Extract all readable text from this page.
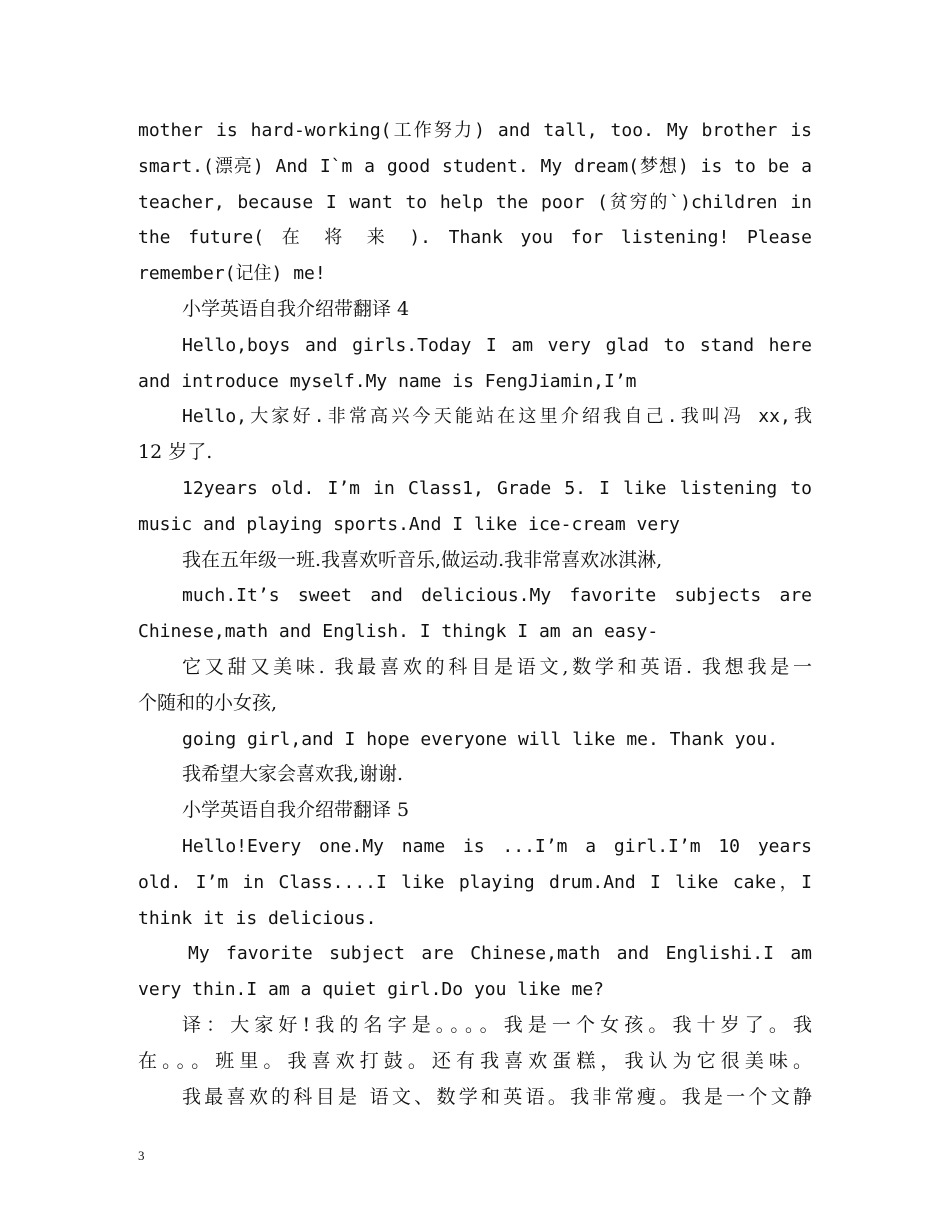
mother is hard-working(工作努力) and tall, too. My brother is
smart.(漂亮) And I`m a good student. My dream(梦想) is to be a
teacher, because I want to help the poor (贫穷的`)children in
the future( 在 将 来 ). Thank you for listening! Please
remember(记住) me!
小学英语自我介绍带翻译 4
Hello,boys and girls.Today I am very glad to stand here
and introduce myself.My name is FengJiamin,I’m
Hello,大家好.非常高兴今天能站在这里介绍我自己.我叫冯 xx,我
12 岁了.
12years old. I’m in Class1, Grade 5. I like listening to
music and playing sports.And I like ice-cream very
我在五年级一班.我喜欢听音乐,做运动.我非常喜欢冰淇淋,
much.It’s sweet and delicious.My favorite subjects are
Chinese,math and English. I thingk I am an easy-
它又甜又美味. 我最喜欢的科目是语文,数学和英语. 我想我是一
个随和的小女孩,
going girl,and I hope everyone will like me. Thank you.
我希望大家会喜欢我,谢谢.
小学英语自我介绍带翻译 5
Hello!Every one.My name is ...I’m a girl.I’m 10 years
old. I’m in Class....I like playing drum.And I like cake，I
think it is delicious.
My favorite subject are Chinese,math and Englishi.I am
very thin.I am a quiet girl.Do you like me?
译：大家好!我的名字是。。。。我是一个女孩。我十岁了。我
在。。。班里。我喜欢打鼓。还有我喜欢蛋糕，我认为它很美味。
我最喜欢的科目是 语文、数学和英语。我非常瘦。我是一个文静
3
